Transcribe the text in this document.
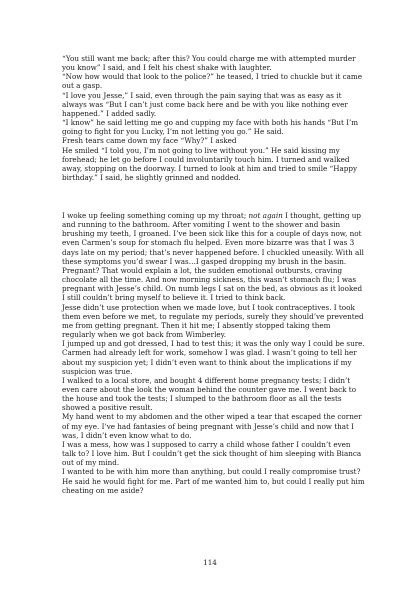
“You still want me back; after this? You could charge me with attempted murder you know” I said, and I felt his chest shake with laughter.

“Now how would that look to the police?” he teased, I tried to chuckle but it came out a gasp.

“I love you Jesse,” I said, even through the pain saying that was as easy as it always was “But I can’t just come back here and be with you like nothing ever happened.” I added sadly.

“I know” he said letting me go and cupping my face with both his hands “But I’m going to fight for you Lucky, I’m not letting you go.” He said.

Fresh tears came down my face “Why?” I asked

He smiled “I told you, I’m not going to live without you.” He said kissing my forehead; he let go before I could involuntarily touch him. I turned and walked away, stopping on the doorway. I turned to look at him and tried to smile “Happy birthday.” I said, he slightly grinned and nodded.

I woke up feeling something coming up my throat; not again I thought, getting up and running to the bathroom. After vomiting I went to the shower and basin brushing my teeth, I groaned. I’ve been sick like this for a couple of days now, not even Carmen’s soup for stomach flu helped. Even more bizarre was that I was 3 days late on my period; that’s never happened before. I chuckled uneasily. With all these symptoms you’d swear I was…I gasped dropping my brush in the basin. Pregnant? That would explain a lot, the sudden emotional outbursts, craving chocolate all the time. And now morning sickness, this wasn’t stomach flu; I was pregnant with Jesse’s child. On numb legs I sat on the bed, as obvious as it looked I still couldn’t bring myself to believe it. I tried to think back.

Jesse didn’t use protection when we made love, but I took contraceptives. I took them even before we met, to regulate my periods, surely they should’ve prevented me from getting pregnant. Then it hit me; I absently stopped taking them regularly when we got back from Wimberley.

I jumped up and got dressed, I had to test this; it was the only way I could be sure. Carmen had already left for work, somehow I was glad. I wasn’t going to tell her about my suspicion yet; I didn’t even want to think about the implications if my suspicion was true.

I walked to a local store, and bought 4 different home pregnancy tests; I didn’t even care about the look the woman behind the counter gave me. I went back to the house and took the tests; I slumped to the bathroom floor as all the tests showed a positive result.

My hand went to my abdomen and the other wiped a tear that escaped the corner of my eye. I’ve had fantasies of being pregnant with Jesse’s child and now that I was, I didn’t even know what to do.

I was a mess, how was I supposed to carry a child whose father I couldn’t even talk to? I love him. But I couldn’t get the sick thought of him sleeping with Bianca out of my mind.

I wanted to be with him more than anything, but could I really compromise trust? He said he would fight for me. Part of me wanted him to, but could I really put him cheating on me aside?

114
